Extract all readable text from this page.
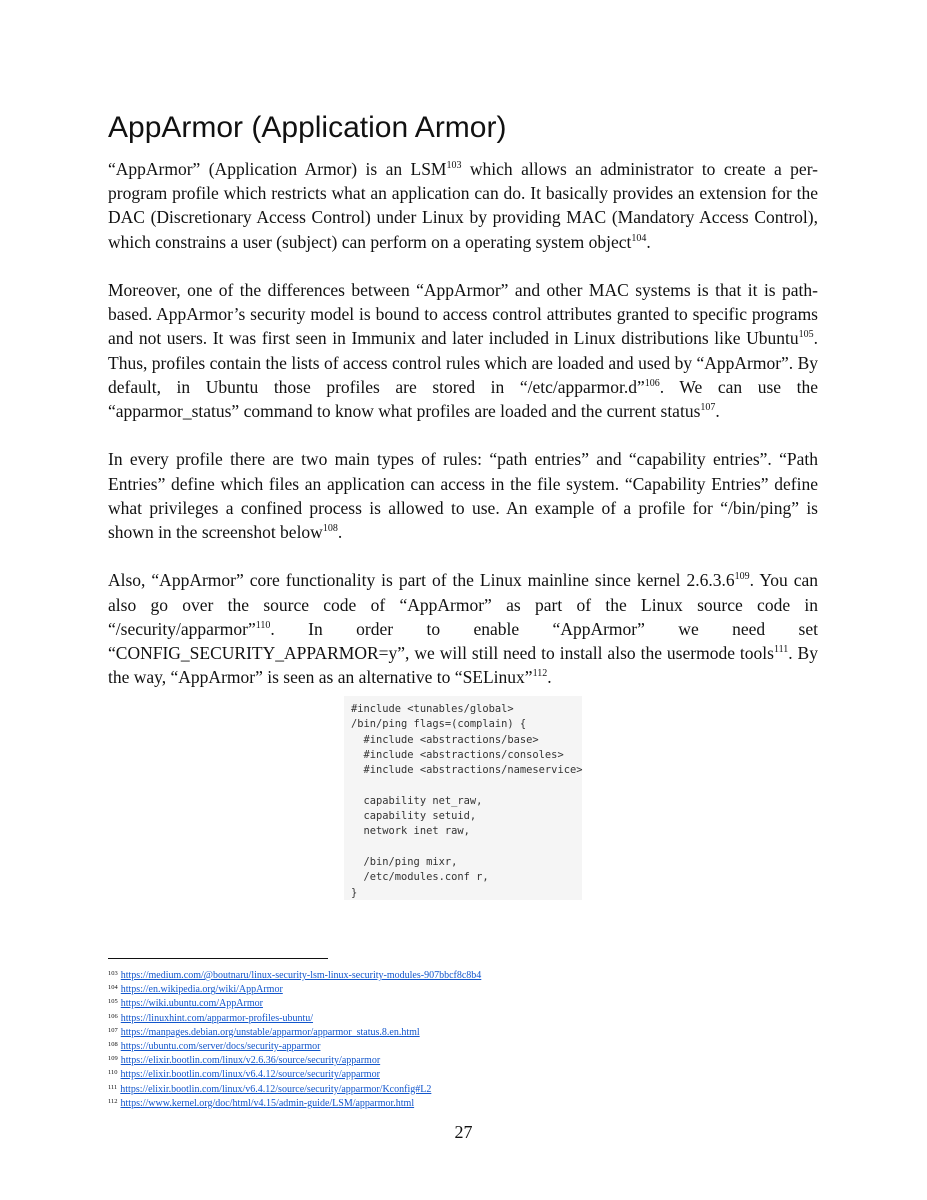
AppArmor (Application Armor)

“AppArmor” (Application Armor) is an LSM$^{103}$ which allows an administrator to create a per-program profile which restricts what an application can do. It basically provides an extension for the DAC (Discretionary Access Control) under Linux by providing MAC (Mandatory Access Control), which constrains a user (subject) can perform on a operating system object$^{104}$.

Moreover, one of the differences between “AppArmor” and other MAC systems is that it is path-based. AppArmor’s security model is bound to access control attributes granted to specific programs and not users. It was first seen in Immunix and later included in Linux distributions like Ubuntu$^{105}$. Thus, profiles contain the lists of access control rules which are loaded and used by “AppArmor”. By default, in Ubuntu those profiles are stored in “/etc/apparmor.d”$^{106}$. We can use the “apparmor_status” command to know what profiles are loaded and the current status$^{107}$.

In every profile there are two main types of rules: “path entries” and “capability entries”. “Path Entries” define which files an application can access in the file system. “Capability Entries” define what privileges a confined process is allowed to use. An example of a profile for “/bin/ping” is shown in the screenshot below$^{108}$.

Also, “AppArmor” core functionality is part of the Linux mainline since kernel 2.6.3.6$^{109}$. You can also go over the source code of “AppArmor” as part of the Linux source code in “/security/apparmor”$^{110}$. In order to enable “AppArmor” we need set “CONFIG_SECURITY_APPARMOR=y”, we will still need to install also the usermode tools$^{111}$. By the way, “AppArmor” is seen as an alternative to “SELinux”$^{112}$.

#include <tunables/global>
/bin/ping flags=(complain) {
#include <abstractions/base>
#include <abstractions/consoles>
#include <abstractions/nameservice>

capability net_raw,
capability setuid,
network inet raw,

/bin/ping mixr,
/etc/modules.conf r,
}
$^{103}$ https://medium.com/@boutnaru/linux-security-lsm-linux-security-modules-907bbcf8c8b4
$^{104}$ https://en.wikipedia.org/wiki/AppArmor
$^{105}$ https://wiki.ubuntu.com/AppArmor
$^{106}$ https://linuxhint.com/apparmor-profiles-ubuntu/
$^{107}$ https://manpages.debian.org/unstable/apparmor/apparmor_status.8.en.html
$^{108}$ https://ubuntu.com/server/docs/security-apparmor
$^{109}$ https://elixir.bootlin.com/linux/v2.6.36/source/security/apparmor
$^{110}$ https://elixir.bootlin.com/linux/v6.4.12/source/security/apparmor
$^{111}$ https://elixir.bootlin.com/linux/v6.4.12/source/security/apparmor/Kconfig#L2
$^{112}$ https://www.kernel.org/doc/html/v4.15/admin-guide/LSM/apparmor.html
27
